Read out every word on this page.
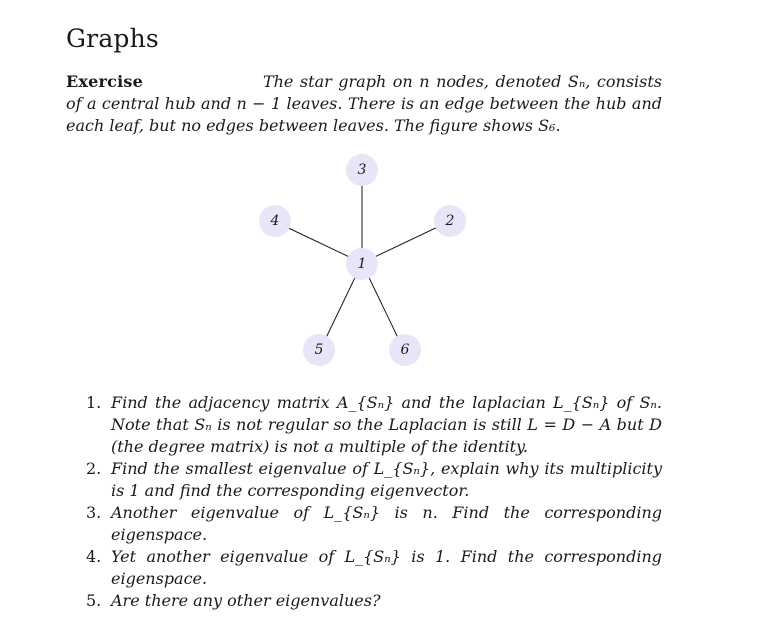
Graphs
Exercise	The star graph on n nodes, denoted Sₙ, consists of a central hub and n − 1 leaves. There is an edge between the hub and each leaf, but no edges between leaves. The figure shows S₆.
3
2
4
1
5	6
1. Find the adjacency matrix A_{Sₙ} and the laplacian L_{Sₙ} of Sₙ. Note that Sₙ is not regular so the Laplacian is still L = D − A but D (the degree matrix) is not a multiple of the identity.
2. Find the smallest eigenvalue of L_{Sₙ}, explain why its multiplicity is 1 and find the corresponding eigenvector.
3. Another eigenvalue of L_{Sₙ} is n. Find the corresponding eigenspace.
4. Yet another eigenvalue of L_{Sₙ} is 1. Find the corresponding eigenspace.
5. Are there any other eigenvalues?
